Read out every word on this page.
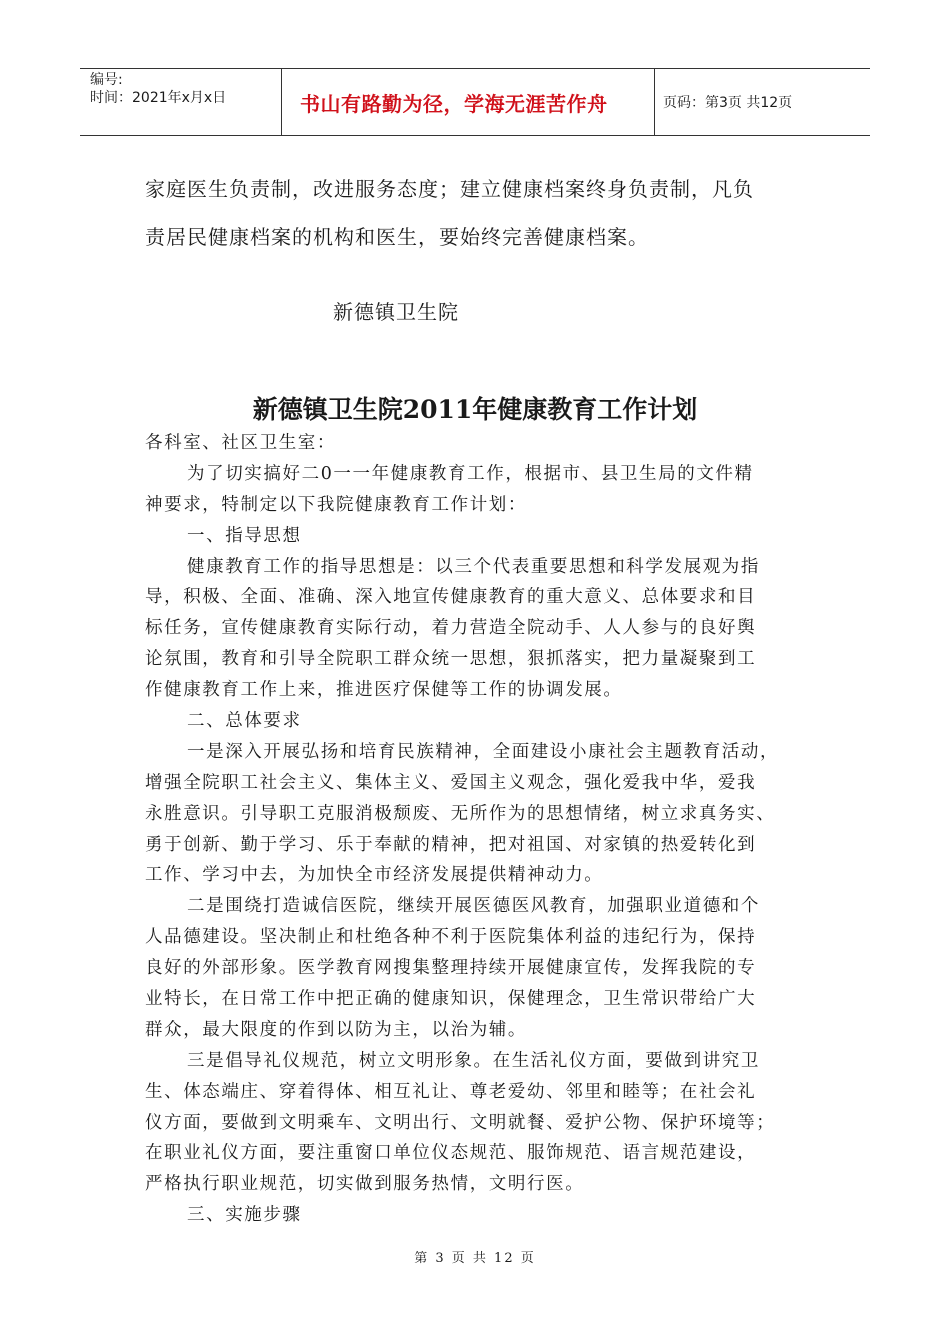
编号:
时间：2021年x月x日	书山有路勤为径，学海无涯苦作舟	页码：第3页 共12页
家庭医生负责制，改进服务态度；建立健康档案终身负责制，凡负
责居民健康档案的机构和医生，要始终完善健康档案。
新德镇卫生院
新德镇卫生院2011年健康教育工作计划
各科室、社区卫生室：
为了切实搞好二0一一年健康教育工作，根据市、县卫生局的文件精
神要求，特制定以下我院健康教育工作计划：
一、指导思想
健康教育工作的指导思想是：以三个代表重要思想和科学发展观为指
导，积极、全面、准确、深入地宣传健康教育的重大意义、总体要求和目
标任务，宣传健康教育实际行动，着力营造全院动手、人人参与的良好舆
论氛围，教育和引导全院职工群众统一思想，狠抓落实，把力量凝聚到工
作健康教育工作上来，推进医疗保健等工作的协调发展。
二、总体要求
一是深入开展弘扬和培育民族精神，全面建设小康社会主题教育活动，
增强全院职工社会主义、集体主义、爱国主义观念，强化爱我中华，爱我
永胜意识。引导职工克服消极颓废、无所作为的思想情绪，树立求真务实、
勇于创新、勤于学习、乐于奉献的精神，把对祖国、对家镇的热爱转化到
工作、学习中去，为加快全市经济发展提供精神动力。
二是围绕打造诚信医院，继续开展医德医风教育，加强职业道德和个
人品德建设。坚决制止和杜绝各种不利于医院集体利益的违纪行为，保持
良好的外部形象。医学教育网搜集整理持续开展健康宣传，发挥我院的专
业特长，在日常工作中把正确的健康知识，保健理念，卫生常识带给广大
群众，最大限度的作到以防为主，以治为辅。
三是倡导礼仪规范，树立文明形象。在生活礼仪方面，要做到讲究卫
生、体态端庄、穿着得体、相互礼让、尊老爱幼、邻里和睦等；在社会礼
仪方面，要做到文明乘车、文明出行、文明就餐、爱护公物、保护环境等；
在职业礼仪方面，要注重窗口单位仪态规范、服饰规范、语言规范建设，
严格执行职业规范，切实做到服务热情，文明行医。
三、实施步骤
第 3 页 共 12 页
